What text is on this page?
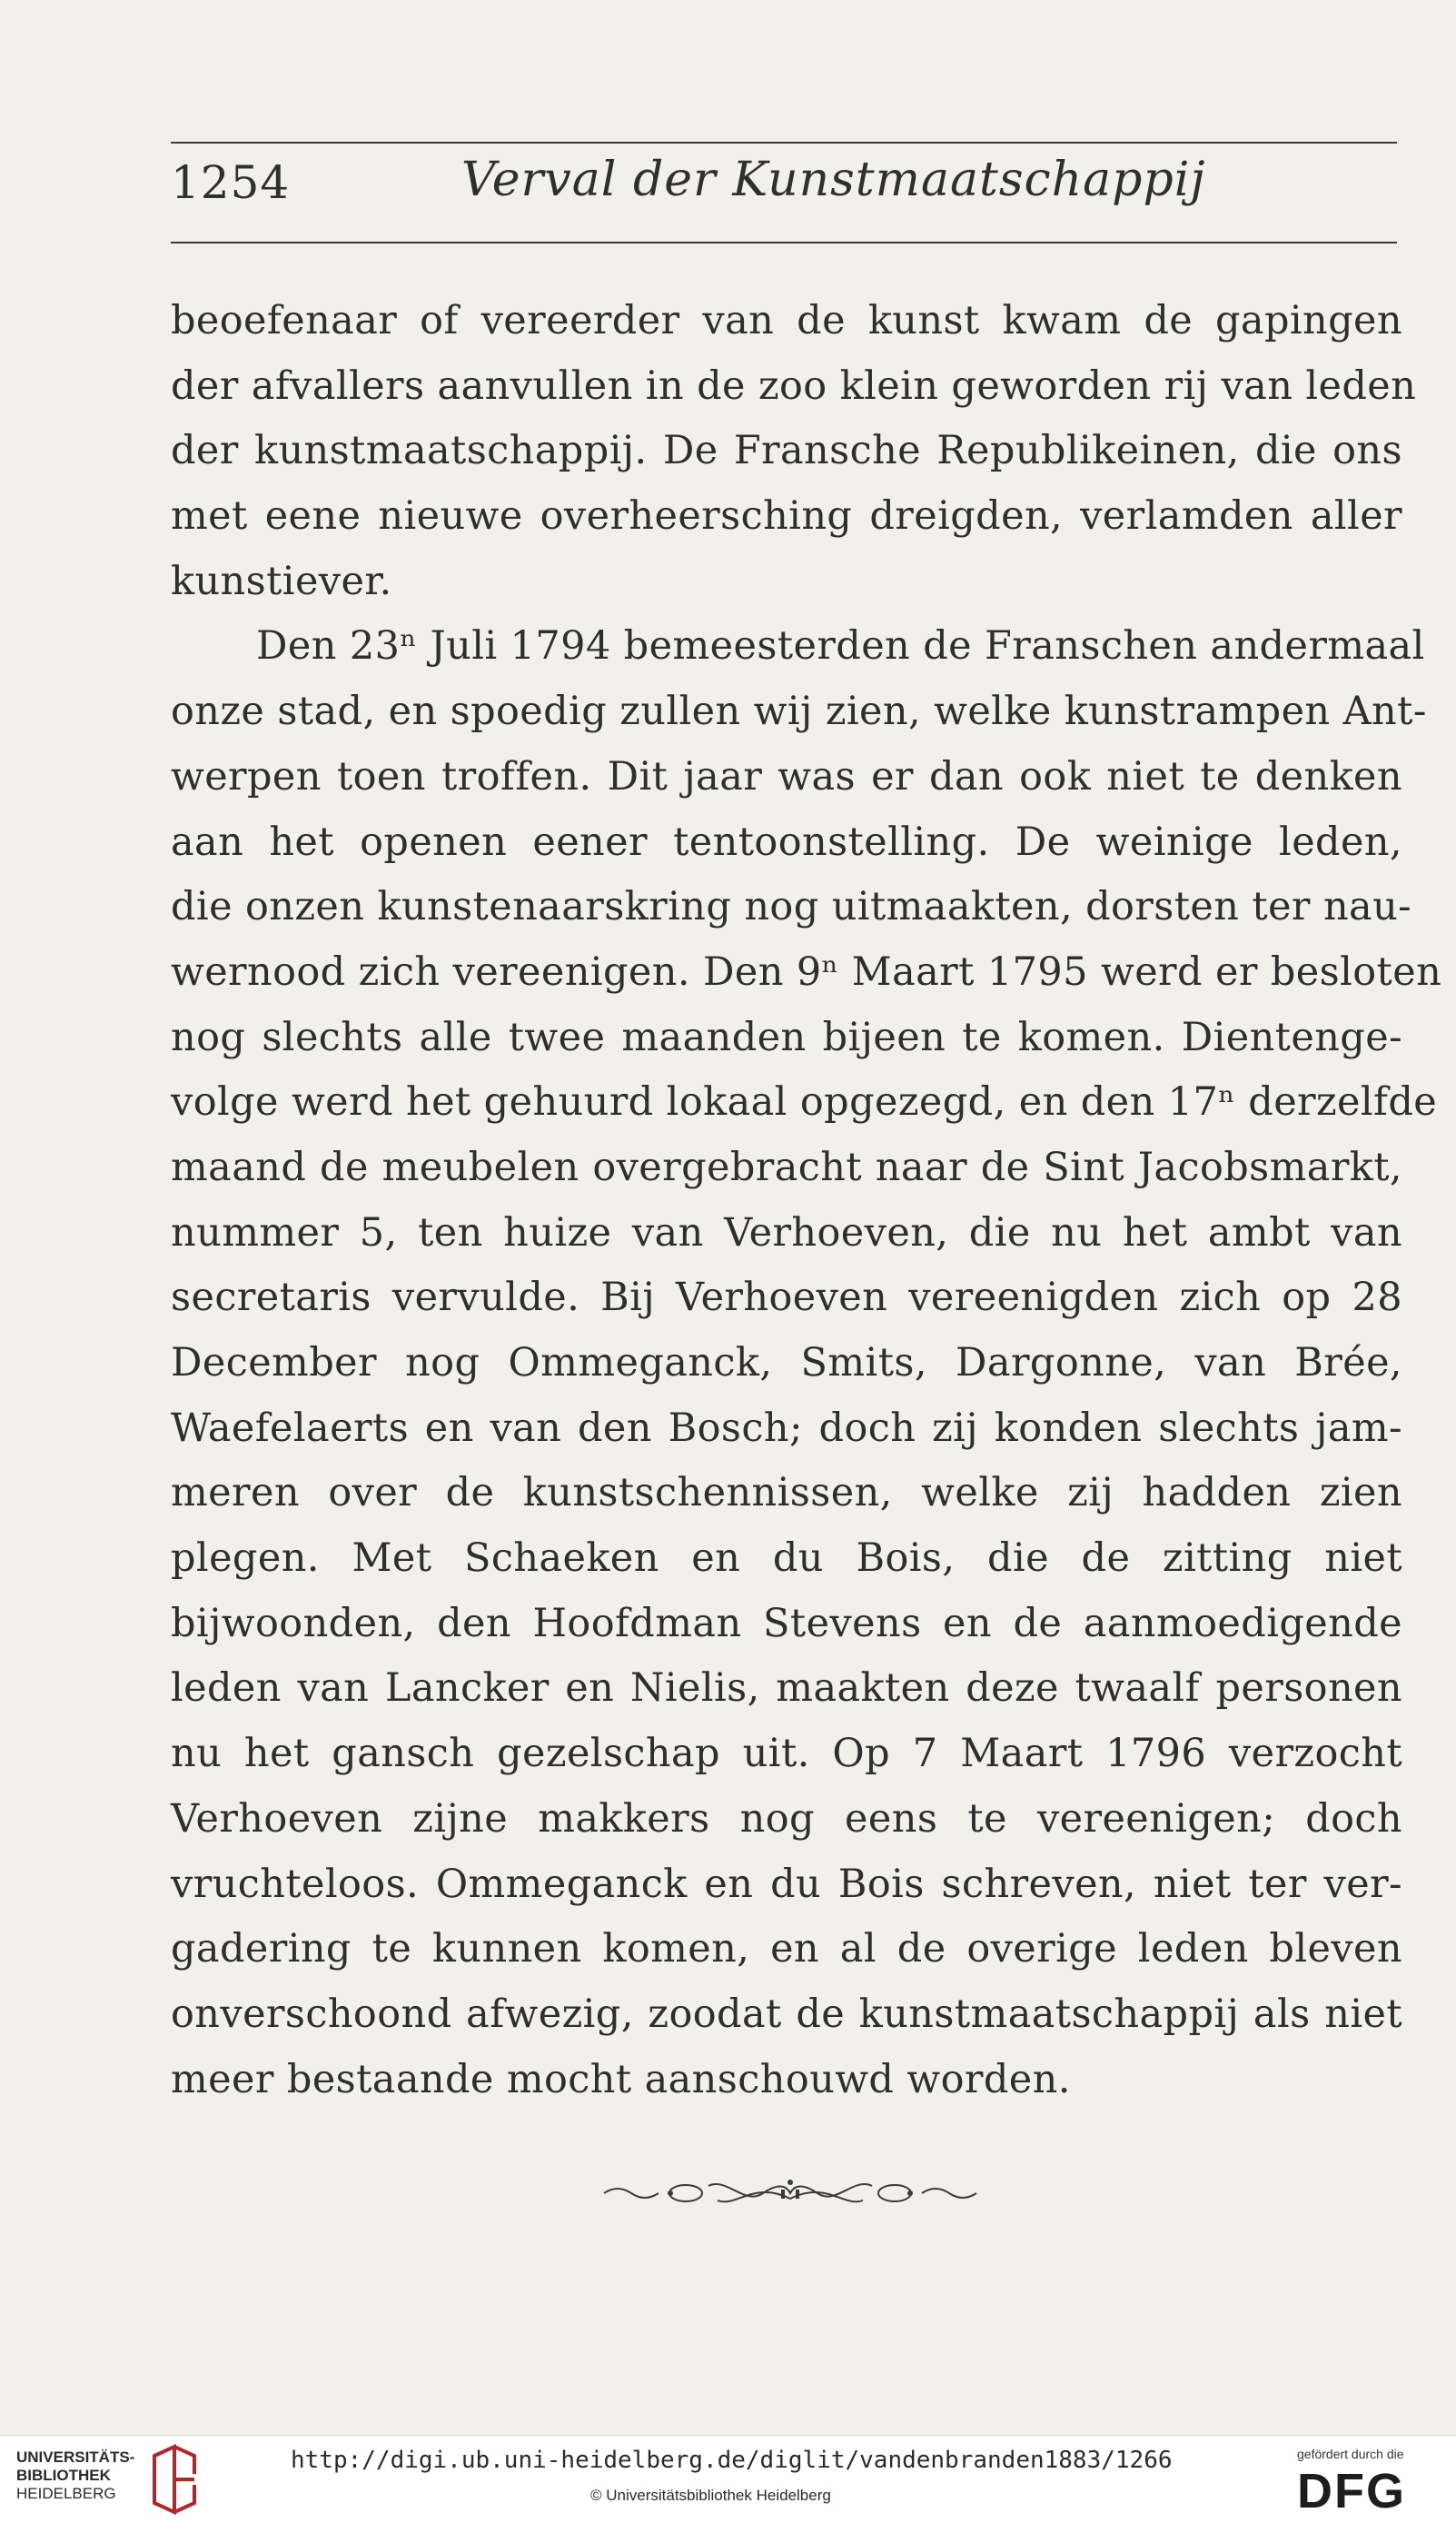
1254	Verval der Kunstmaatschappij
beoefenaar of vereerder van de kunst kwam de gapingen
der afvallers aanvullen in de zoo klein geworden rij van leden
der kunstmaatschappij. De Fransche Republikeinen, die ons
met eene nieuwe overheersching dreigden, verlamden aller
kunstiever.
Den 23ⁿ Juli 1794 bemeesterden de Franschen andermaal
onze stad, en spoedig zullen wij zien, welke kunstrampen Ant-
werpen toen troffen. Dit jaar was er dan ook niet te denken
aan het openen eener tentoonstelling. De weinige leden,
die onzen kunstenaarskring nog uitmaakten, dorsten ter nau-
wernood zich vereenigen. Den 9ⁿ Maart 1795 werd er besloten
nog slechts alle twee maanden bijeen te komen. Dientenge-
volge werd het gehuurd lokaal opgezegd, en den 17ⁿ derzelfde
maand de meubelen overgebracht naar de Sint Jacobsmarkt,
nummer 5, ten huize van Verhoeven, die nu het ambt van
secretaris vervulde. Bij Verhoeven vereenigden zich op 28
December nog Ommeganck, Smits, Dargonne, van Brée,
Waefelaerts en van den Bosch; doch zij konden slechts jam-
meren over de kunstschennissen, welke zij hadden zien
plegen. Met Schaeken en du Bois, die de zitting niet
bijwoonden, den Hoofdman Stevens en de aanmoedigende
leden van Lancker en Nielis, maakten deze twaalf personen
nu het gansch gezelschap uit. Op 7 Maart 1796 verzocht
Verhoeven zijne makkers nog eens te vereenigen; doch
vruchteloos. Ommeganck en du Bois schreven, niet ter ver-
gadering te kunnen komen, en al de overige leden bleven
onverschoond afwezig, zoodat de kunstmaatschappij als niet
meer bestaande mocht aanschouwd worden.
UNIVERSITÄTS-
BIBLIOTHEK
HEIDELBERG
http://digi.ub.uni-heidelberg.de/diglit/vandenbranden1883/1266
© Universitätsbibliothek Heidelberg
gefördert durch die
DFG
